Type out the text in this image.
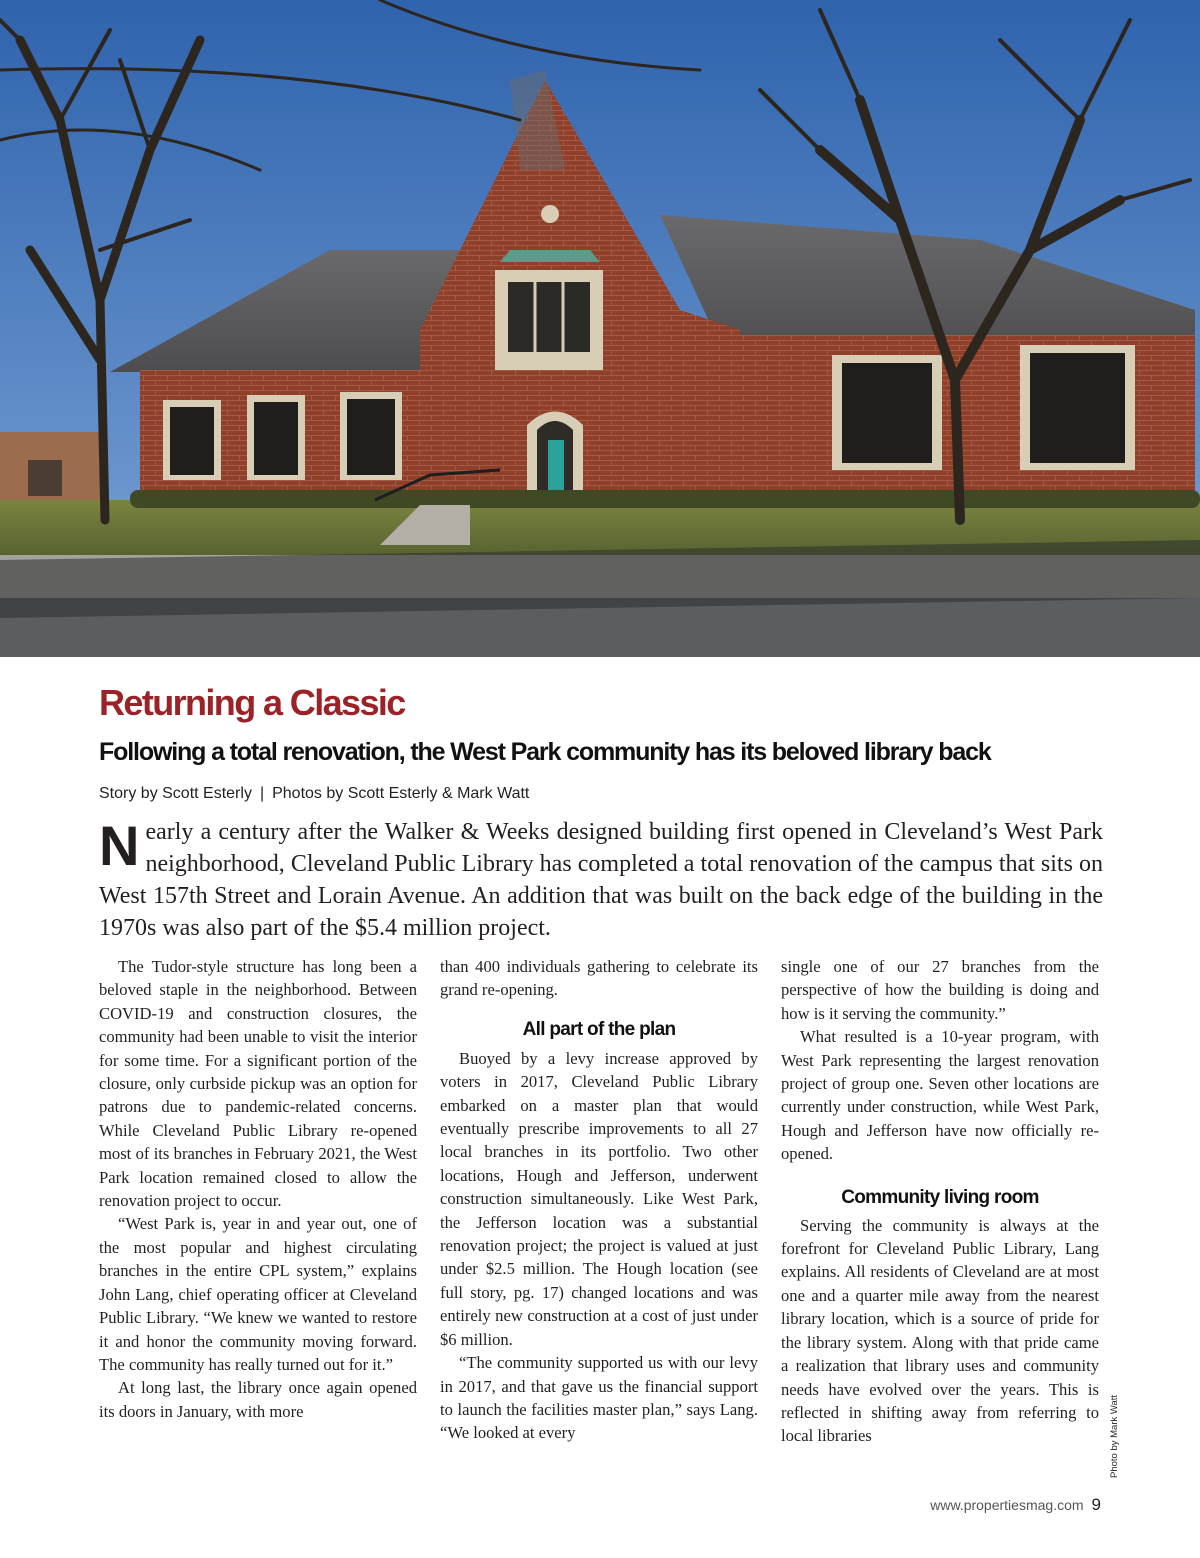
Returning a Classic
Following a total renovation, the West Park community has its beloved library back

Story by Scott Esterly | Photos by Scott Esterly & Mark Watt

Nearly a century after the Walker & Weeks designed building first opened in Cleveland’s West Park neighborhood, Cleveland Public Library has completed a total renovation of the campus that sits on West 157th Street and Lorain Avenue. An addition that was built on the back edge of the building in the 1970s was also part of the $5.4 million project.

The Tudor-style structure has long been a beloved staple in the neighborhood. Between COVID-19 and construction closures, the community had been unable to visit the interior for some time. For a significant portion of the closure, only curbside pickup was an option for patrons due to pandemic-related concerns. While Cleveland Public Library re-opened most of its branches in February 2021, the West Park location remained closed to allow the renovation project to occur.

“West Park is, year in and year out, one of the most popular and highest circulating branches in the entire CPL system,” explains John Lang, chief operating officer at Cleveland Public Library. “We knew we wanted to restore it and honor the community moving forward. The community has really turned out for it.”

At long last, the library once again opened its doors in January, with more

than 400 individuals gathering to celebrate its grand re-opening.

All part of the plan

Buoyed by a levy increase approved by voters in 2017, Cleveland Public Library embarked on a master plan that would eventually prescribe improvements to all 27 local branches in its portfolio. Two other locations, Hough and Jefferson, underwent construction simultaneously. Like West Park, the Jefferson location was a substantial renovation project; the project is valued at just under $2.5 million. The Hough location (see full story, pg. 17) changed locations and was entirely new construction at a cost of just under $6 million.

“The community supported us with our levy in 2017, and that gave us the financial support to launch the facilities master plan,” says Lang. “We looked at every

single one of our 27 branches from the perspective of how the building is doing and how is it serving the community.”

What resulted is a 10-year program, with West Park representing the largest renovation project of group one. Seven other locations are currently under construction, while West Park, Hough and Jefferson have now officially re-opened.

Community living room

Serving the community is always at the forefront for Cleveland Public Library, Lang explains. All residents of Cleveland are at most one and a quarter mile away from the nearest library location, which is a source of pride for the library system. Along with that pride came a realization that library uses and community needs have evolved over the years. This is reflected in shifting away from referring to local libraries	Photo by Mark Watt
www.propertiesmag.com 9
